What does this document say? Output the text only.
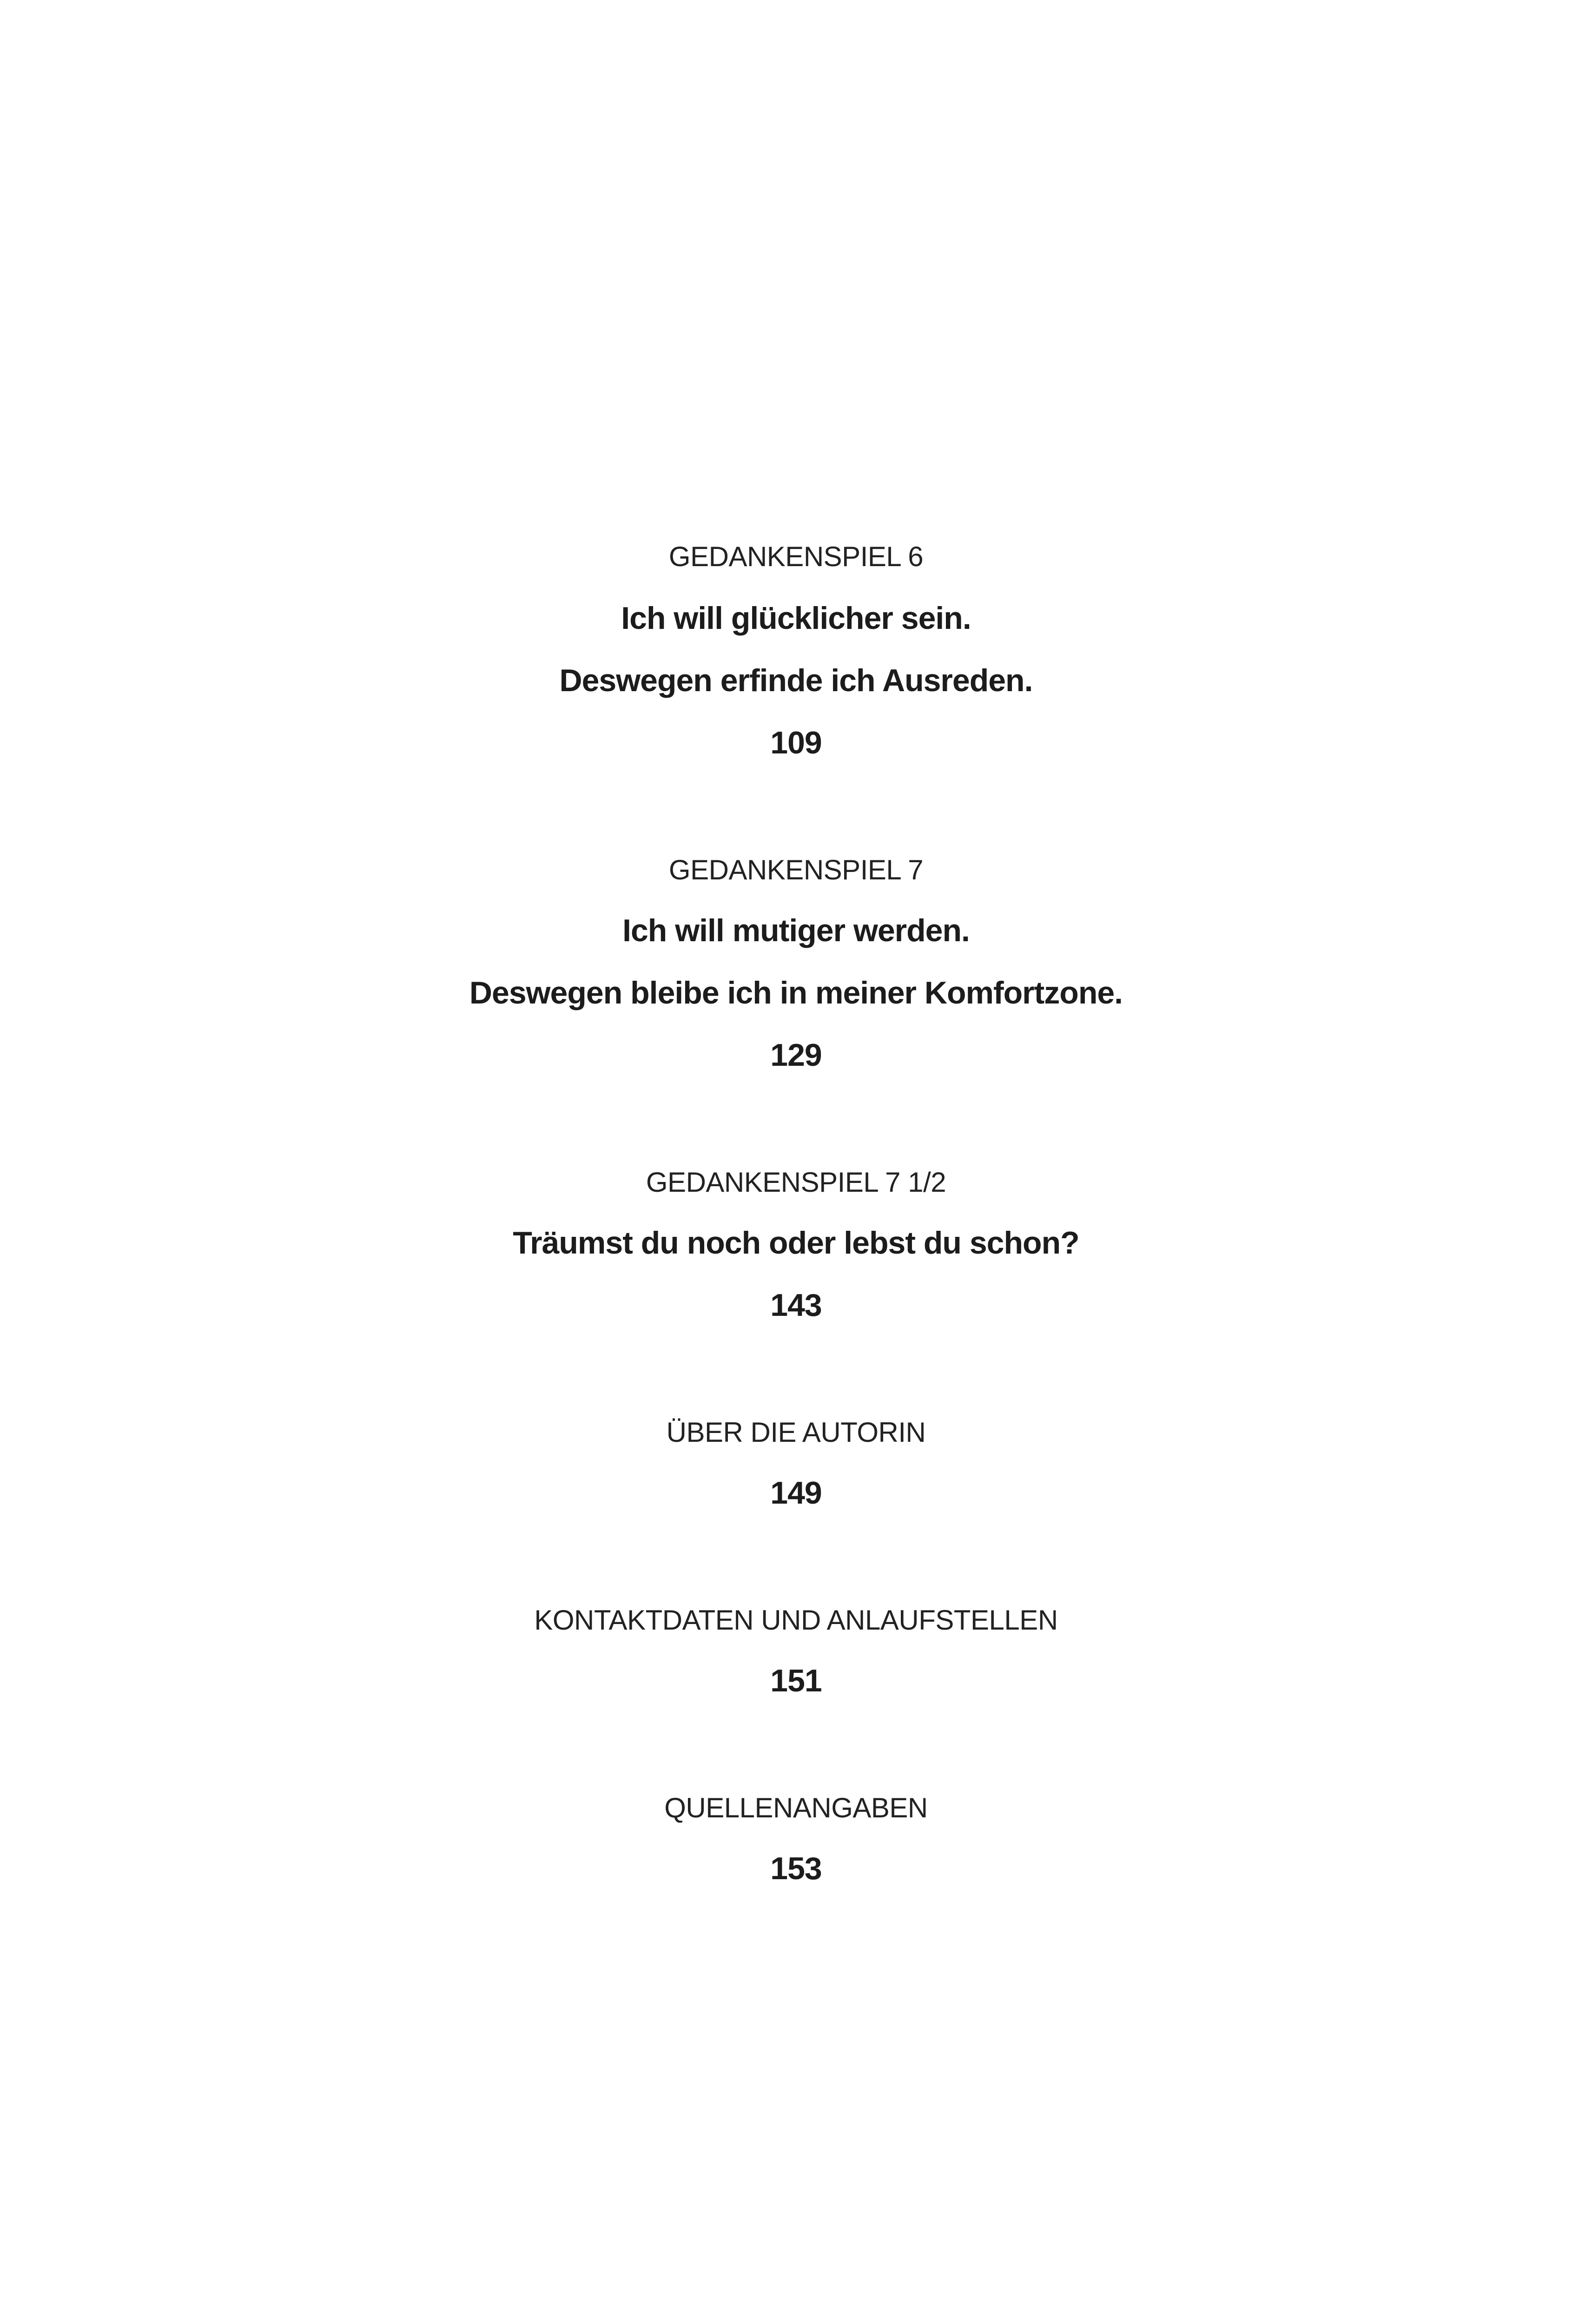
GEDANKENSPIEL 6
Ich will glücklicher sein.
Deswegen erfinde ich Ausreden.
109
GEDANKENSPIEL 7
Ich will mutiger werden.
Deswegen bleibe ich in meiner Komfortzone.
129
GEDANKENSPIEL 7 1/2
Träumst du noch oder lebst du schon?
143
ÜBER DIE AUTORIN
149
KONTAKTDATEN UND ANLAUFSTELLEN
151
QUELLENANGABEN
153
